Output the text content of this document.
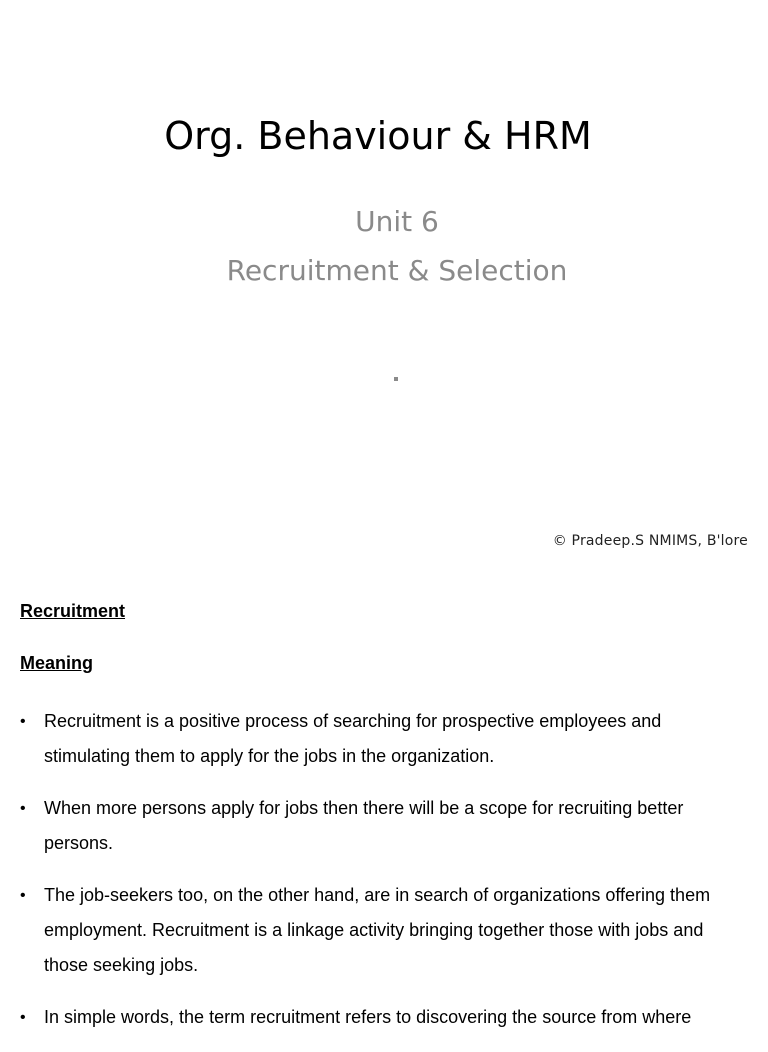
Org. Behaviour & HRM

Unit 6

Recruitment & Selection

© Pradeep.S NMIMS, B'lore

Recruitment

Meaning

• Recruitment is a positive process of searching for prospective employees and stimulating them to apply for the jobs in the organization.
• When more persons apply for jobs then there will be a scope for recruiting better persons.
• The job-seekers too, on the other hand, are in search of organizations offering them employment. Recruitment is a linkage activity bringing together those with jobs and those seeking jobs.
• In simple words, the term recruitment refers to discovering the source from where
